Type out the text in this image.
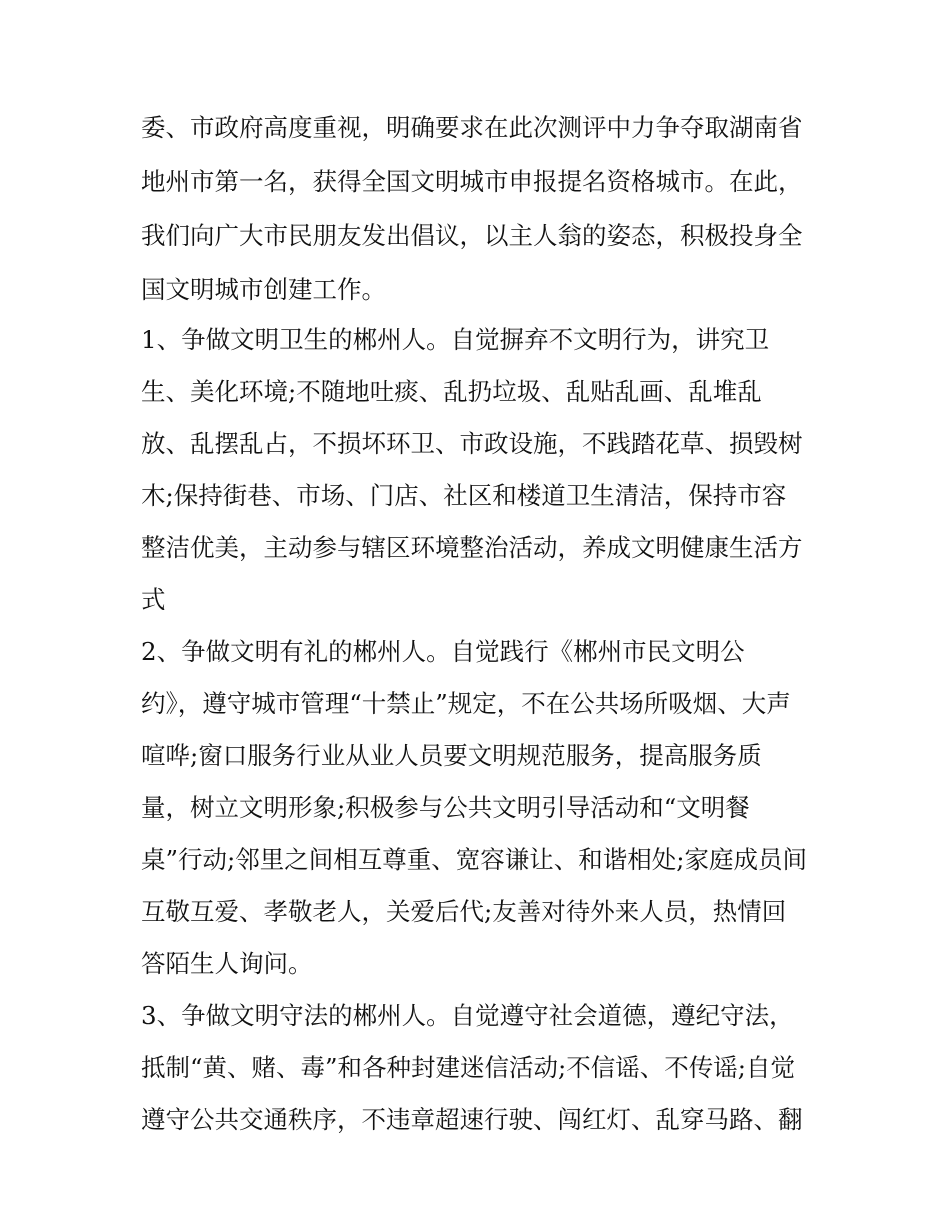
委、市政府高度重视，明确要求在此次测评中力争夺取湖南省
地州市第一名，获得全国文明城市申报提名资格城市。在此，
我们向广大市民朋友发出倡议，以主人翁的姿态，积极投身全
国文明城市创建工作。
1、争做文明卫生的郴州人。自觉摒弃不文明行为，讲究卫
生、美化环境;不随地吐痰、乱扔垃圾、乱贴乱画、乱堆乱
放、乱摆乱占，不损坏环卫、市政设施，不践踏花草、损毁树
木;保持街巷、市场、门店、社区和楼道卫生清洁，保持市容
整洁优美，主动参与辖区环境整治活动，养成文明健康生活方
式
2、争做文明有礼的郴州人。自觉践行《郴州市民文明公
约》，遵守城市管理“十禁止”规定，不在公共场所吸烟、大声
喧哗;窗口服务行业从业人员要文明规范服务，提高服务质
量，树立文明形象;积极参与公共文明引导活动和“文明餐
桌”行动;邻里之间相互尊重、宽容谦让、和谐相处;家庭成员间
互敬互爱、孝敬老人，关爱后代;友善对待外来人员，热情回
答陌生人询问。
3、争做文明守法的郴州人。自觉遵守社会道德，遵纪守法，
抵制“黄、赌、毒”和各种封建迷信活动;不信谣、不传谣;自觉
遵守公共交通秩序，不违章超速行驶、闯红灯、乱穿马路、翻
